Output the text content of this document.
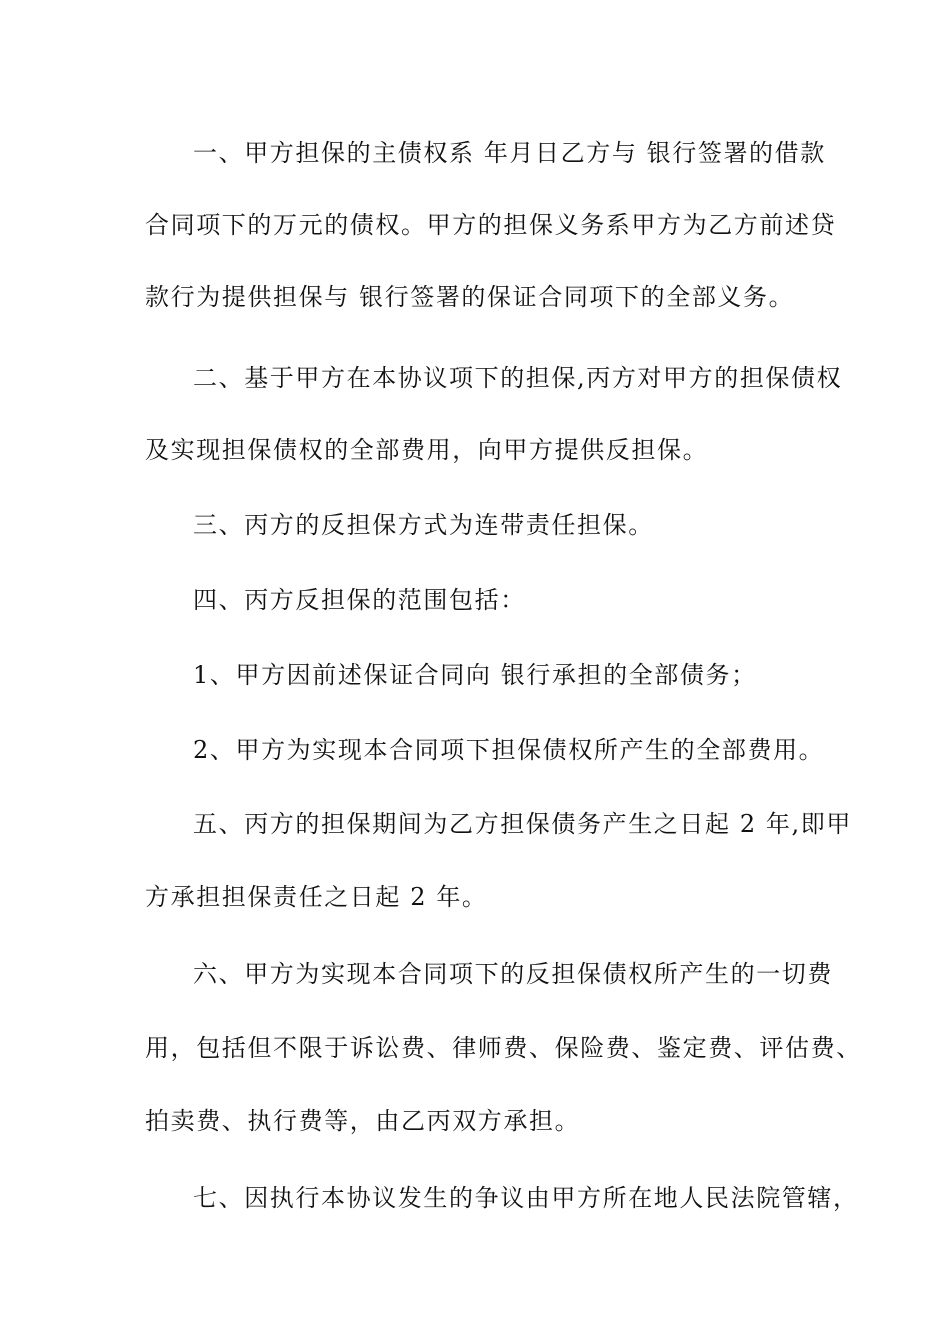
一、甲方担保的主债权系 年月日乙方与 银行签署的借款
合同项下的万元的债权。甲方的担保义务系甲方为乙方前述贷
款行为提供担保与 银行签署的保证合同项下的全部义务。
二、基于甲方在本协议项下的担保,丙方对甲方的担保债权
及实现担保债权的全部费用，向甲方提供反担保。
三、丙方的反担保方式为连带责任担保。
四、丙方反担保的范围包括：
1、甲方因前述保证合同向 银行承担的全部债务；
2、甲方为实现本合同项下担保债权所产生的全部费用。
五、丙方的担保期间为乙方担保债务产生之日起 2 年,即甲
方承担担保责任之日起 2 年。
六、甲方为实现本合同项下的反担保债权所产生的一切费
用，包括但不限于诉讼费、律师费、保险费、鉴定费、评估费、
拍卖费、执行费等，由乙丙双方承担。
七、因执行本协议发生的争议由甲方所在地人民法院管辖，
